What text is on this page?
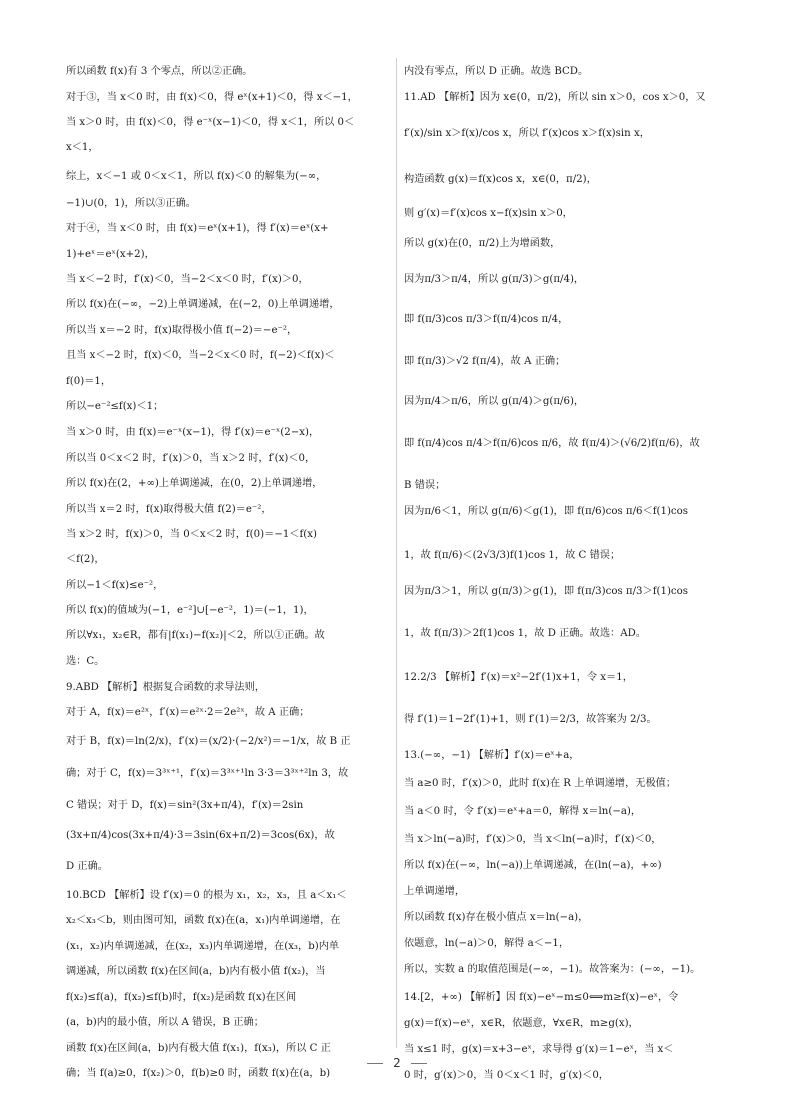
所以函数 f(x)有 3 个零点，所以②正确。
对于③，当 x＜0 时，由 f(x)＜0，得 eˣ(x+1)＜0，得 x＜−1，
当 x＞0 时，由 f(x)＜0，得 e⁻ˣ(x−1)＜0，得 x＜1，所以 0＜
x＜1，
综上，x＜−1 或 0＜x＜1，所以 f(x)＜0 的解集为(−∞，
−1)∪(0，1)，所以③正确。
对于④，当 x＜0 时，由 f(x)＝eˣ(x+1)，得 f′(x)＝eˣ(x+
1)+eˣ＝eˣ(x+2)，
当 x＜−2 时，f′(x)＜0，当−2＜x＜0 时，f′(x)＞0，
所以 f(x)在(−∞，−2)上单调递减，在(−2，0)上单调递增，
所以当 x＝−2 时，f(x)取得极小值 f(−2)＝−e⁻²，
且当 x＜−2 时，f(x)＜0，当−2＜x＜0 时，f(−2)＜f(x)＜
f(0)＝1，
所以−e⁻²≤f(x)＜1；
当 x＞0 时，由 f(x)＝e⁻ˣ(x−1)，得 f′(x)＝e⁻ˣ(2−x)，
所以当 0＜x＜2 时，f′(x)＞0，当 x＞2 时，f′(x)＜0，
所以 f(x)在(2，+∞)上单调递减，在(0，2)上单调递增，
所以当 x＝2 时，f(x)取得极大值 f(2)＝e⁻²，
当 x＞2 时，f(x)＞0，当 0＜x＜2 时，f(0)＝−1＜f(x)
＜f(2)，
所以−1＜f(x)≤e⁻²，
所以 f(x)的值域为(−1，e⁻²]∪[−e⁻²，1)＝(−1，1)，
所以∀x₁，x₂∈R，都有|f(x₁)−f(x₂)|＜2，所以①正确。故
选：C。
9.ABD 【解析】根据复合函数的求导法则，
对于 A，f(x)＝e²ˣ，f′(x)＝e²ˣ·2＝2e²ˣ，故 A 正确；
对于 B，f(x)＝ln(2/x)，f′(x)＝(x/2)·(−2/x²)＝−1/x，故 B 正
确；对于 C，f(x)＝3³ˣ⁺¹，f′(x)＝3³ˣ⁺¹ln 3·3＝3³ˣ⁺²ln 3，故
C 错误；对于 D，f(x)＝sin²(3x+π/4)，f′(x)＝2sin
(3x+π/4)cos(3x+π/4)·3＝3sin(6x+π/2)＝3cos(6x)，故
D 正确。
10.BCD 【解析】设 f′(x)＝0 的根为 x₁，x₂，x₃，且 a＜x₁＜
x₂＜x₃＜b，则由图可知，函数 f(x)在(a，x₁)内单调递增，在
(x₁，x₂)内单调递减，在(x₂，x₃)内单调递增，在(x₃，b)内单
调递减，所以函数 f(x)在区间(a，b)内有极小值 f(x₂)，当
f(x₂)≤f(a)，f(x₂)≤f(b)时，f(x₂)是函数 f(x)在区间
(a，b)内的最小值，所以 A 错误，B 正确；
函数 f(x)在区间(a，b)内有极大值 f(x₁)，f(x₃)，所以 C 正
确；当 f(a)≥0，f(x₂)＞0，f(b)≥0 时，函数 f(x)在(a，b)
内没有零点，所以 D 正确。故选 BCD。
11.AD 【解析】因为 x∈(0，π/2)，所以 sin x＞0，cos x＞0，又
f′(x)/sin x＞f(x)/cos x，所以 f′(x)cos x＞f(x)sin x，
构造函数 g(x)＝f(x)cos x，x∈(0，π/2)，
则 g′(x)＝f′(x)cos x−f(x)sin x＞0，
所以 g(x)在(0，π/2)上为增函数，
因为π/3＞π/4，所以 g(π/3)＞g(π/4)，
即 f(π/3)cos π/3＞f(π/4)cos π/4，
即 f(π/3)＞√2 f(π/4)，故 A 正确；
因为π/4＞π/6，所以 g(π/4)＞g(π/6)，
即 f(π/4)cos π/4＞f(π/6)cos π/6，故 f(π/4)＞(√6/2)f(π/6)，故
B 错误；
因为π/6＜1，所以 g(π/6)＜g(1)，即 f(π/6)cos π/6＜f(1)cos
1，故 f(π/6)＜(2√3/3)f(1)cos 1，故 C 错误；
因为π/3＞1，所以 g(π/3)＞g(1)，即 f(π/3)cos π/3＞f(1)cos
1，故 f(π/3)＞2f(1)cos 1，故 D 正确。故选：AD。
12.2/3 【解析】f′(x)＝x²−2f′(1)x+1，令 x＝1，
得 f′(1)＝1−2f′(1)+1，则 f′(1)＝2/3，故答案为 2/3。
13.(−∞，−1) 【解析】f′(x)＝eˣ+a，
当 a≥0 时，f′(x)＞0，此时 f(x)在 R 上单调递增，无极值；
当 a＜0 时，令 f′(x)＝eˣ+a＝0，解得 x＝ln(−a)，
当 x＞ln(−a)时，f′(x)＞0，当 x＜ln(−a)时，f′(x)＜0，
所以 f(x)在(−∞，ln(−a))上单调递减，在(ln(−a)，+∞)
上单调递增，
所以函数 f(x)存在极小值点 x＝ln(−a)，
依题意，ln(−a)＞0，解得 a＜−1，
所以，实数 a 的取值范围是(−∞，−1)。故答案为：(−∞，−1)。
14.[2，+∞) 【解析】因 f(x)−eˣ−m≤0⟺m≥f(x)−eˣ，令
g(x)＝f(x)−eˣ，x∈R，依题意，∀x∈R，m≥g(x)，
当 x≤1 时，g(x)＝x+3−eˣ，求导得 g′(x)＝1−eˣ，当 x＜
0 时，g′(x)＞0，当 0＜x＜1 时，g′(x)＜0，
2
